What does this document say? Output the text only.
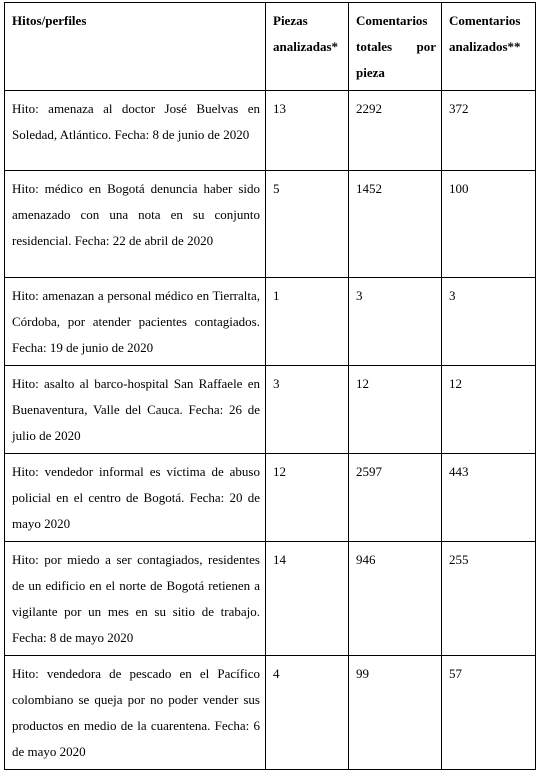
Hitos/perfiles	Piezas analizadas*	Comentarios totales por pieza	Comentarios analizados**
Hito: amenaza al doctor José Buelvas en Soledad, Atlántico. Fecha: 8 de junio de 2020	13	2292	372
Hito: médico en Bogotá denuncia haber sido amenazado con una nota en su conjunto residencial. Fecha: 22 de abril de 2020	5	1452	100
Hito: amenazan a personal médico en Tierralta, Córdoba, por atender pacientes contagiados. Fecha: 19 de junio de 2020	1	3	3
Hito: asalto al barco-hospital San Raffaele en Buenaventura, Valle del Cauca. Fecha: 26 de julio de 2020	3	12	12
Hito: vendedor informal es víctima de abuso policial en el centro de Bogotá. Fecha: 20 de mayo 2020	12	2597	443
Hito: por miedo a ser contagiados, residentes de un edificio en el norte de Bogotá retienen a vigilante por un mes en su sitio de trabajo. Fecha: 8 de mayo 2020	14	946	255
Hito: vendedora de pescado en el Pacífico colombiano se queja por no poder vender sus productos en medio de la cuarentena. Fecha: 6 de mayo 2020	4	99	57
